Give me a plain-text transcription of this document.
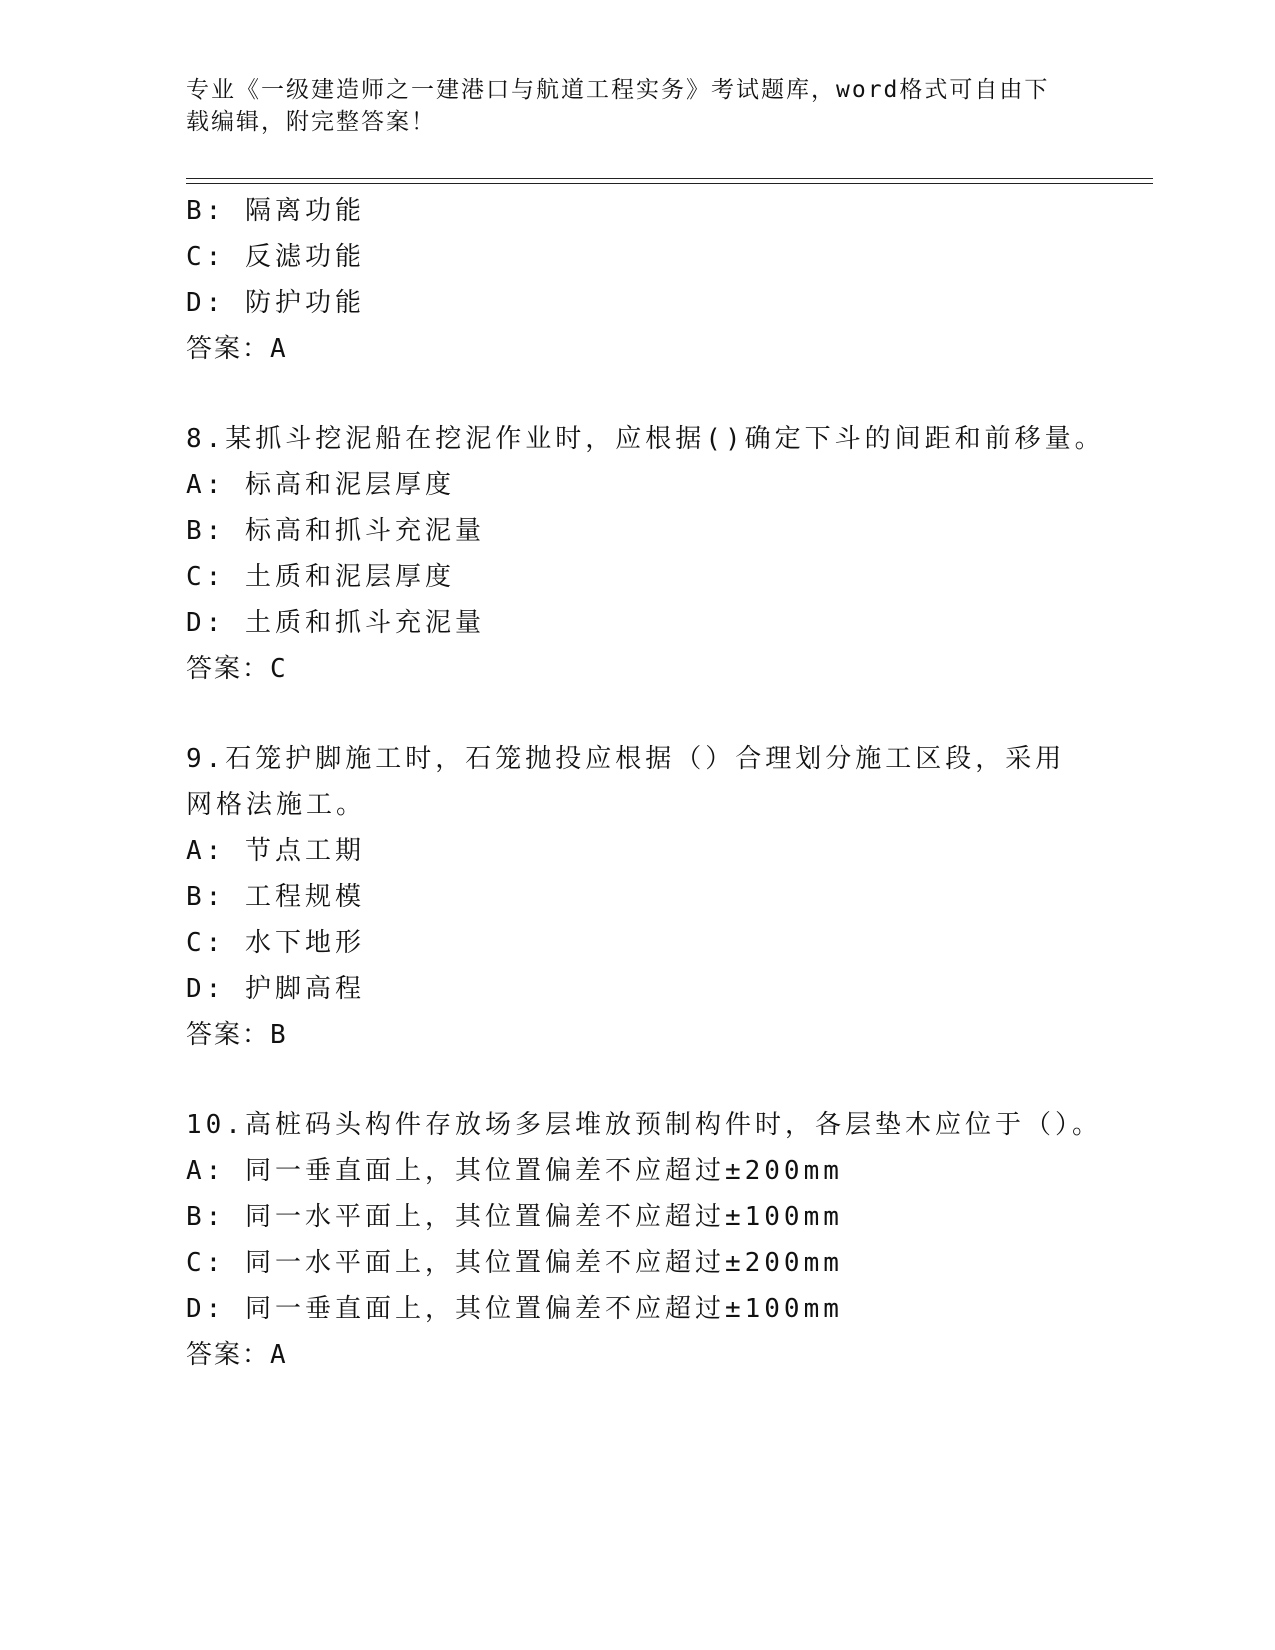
专业《一级建造师之一建港口与航道工程实务》考试题库，word格式可自由下载编辑，附完整答案！
B: 隔离功能
C: 反滤功能
D: 防护功能
答案：A
8.某抓斗挖泥船在挖泥作业时，应根据()确定下斗的间距和前移量。
A: 标高和泥层厚度
B: 标高和抓斗充泥量
C: 土质和泥层厚度
D: 土质和抓斗充泥量
答案：C
9.石笼护脚施工时，石笼抛投应根据（）合理划分施工区段，采用网格法施工。
A: 节点工期
B: 工程规模
C: 水下地形
D: 护脚高程
答案：B
10.高桩码头构件存放场多层堆放预制构件时，各层垫木应位于（）。
A: 同一垂直面上，其位置偏差不应超过±200mm
B: 同一水平面上，其位置偏差不应超过±100mm
C: 同一水平面上，其位置偏差不应超过±200mm
D: 同一垂直面上，其位置偏差不应超过±100mm
答案：A
